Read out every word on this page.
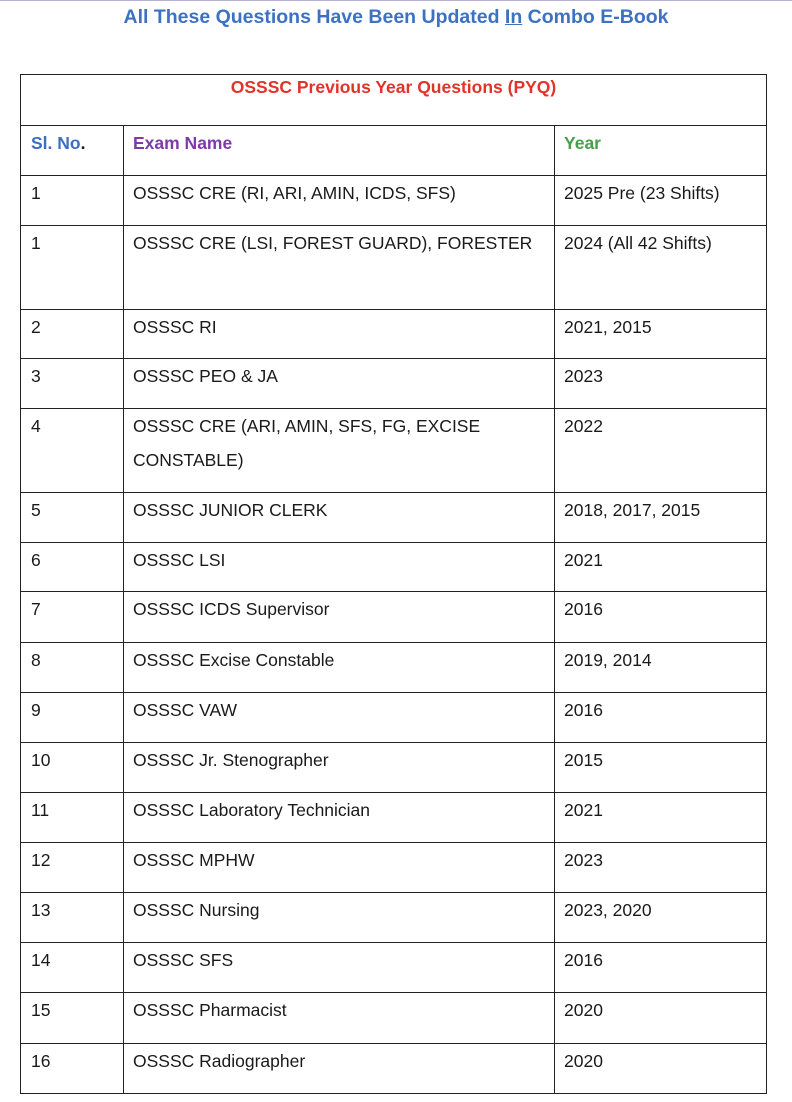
All These Questions Have Been Updated In Combo E-Book
OSSSC Previous Year Questions (PYQ)		

Sl. No.	Exam Name	Year

1	OSSSC CRE (RI, ARI, AMIN, ICDS, SFS)	2025 Pre (23 Shifts)

1	OSSSC CRE (LSI, FOREST GUARD), FORESTER	2024 (All 42 Shifts)

2	OSSSC RI	2021, 2015

3	OSSSC PEO & JA	2023

4	OSSSC CRE (ARI, AMIN, SFS, FG, EXCISE CONSTABLE)	2022

5	OSSSC JUNIOR CLERK	2018, 2017, 2015

6	OSSSC LSI	2021

7	OSSSC ICDS Supervisor	2016

8	OSSSC Excise Constable	2019, 2014

9	OSSSC VAW	2016

10	OSSSC Jr. Stenographer	2015

11	OSSSC Laboratory Technician	2021

12	OSSSC MPHW	2023

13	OSSSC Nursing	2023, 2020

14	OSSSC SFS	2016

15	OSSSC Pharmacist	2020

16	OSSSC Radiographer	2020
